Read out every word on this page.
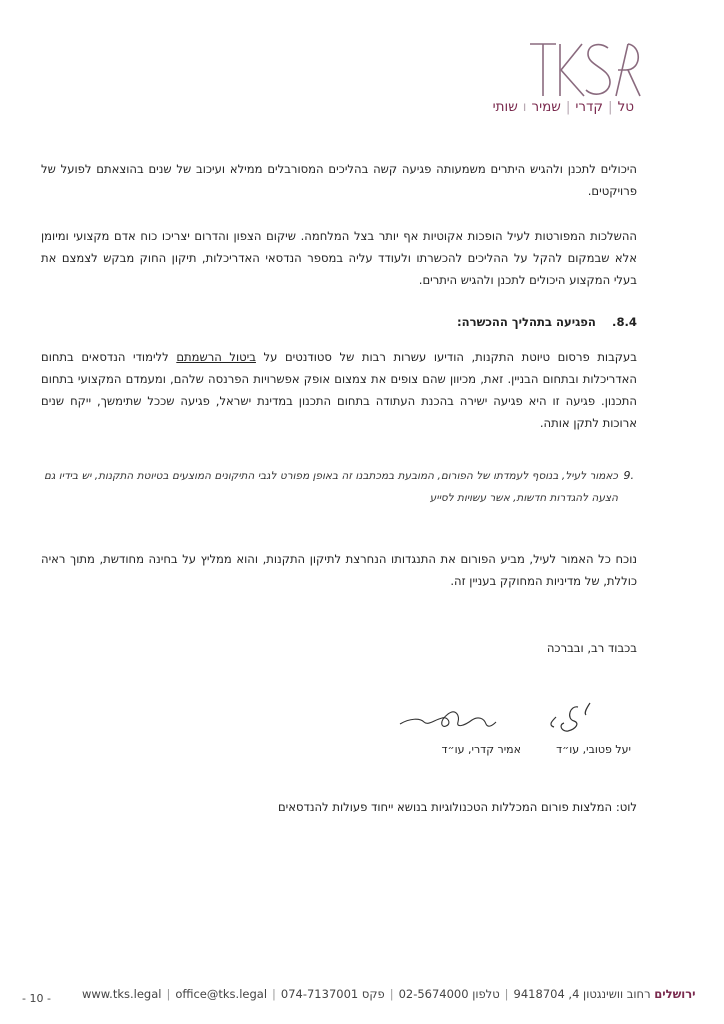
TKSA
טל|קדרי|שמירושותי

היכולים לתכנן ולהגיש היתרים משמעותה פגיעה קשה בהליכים המסורבלים ממילא ועיכוב של שנים בהוצאתם לפועל של פרויקטים.

ההשלכות המפורטות לעיל הופכות אקוטיות אף יותר בצל המלחמה. שיקום הצפון והדרום יצריכו כוח אדם מקצועי ומיומן אלא שבמקום להקל על ההליכים להכשרתו ולעודד עליה במספר הנדסאי האדריכלות, תיקון החוק מבקש לצמצם את בעלי המקצוע היכולים לתכנן ולהגיש היתרים.

8.4.    הפגיעה בתהליך ההכשרה:

בעקבות פרסום טיוטת התקנות, הודיעו עשרות רבות של סטודנטים על ביטול הרשמתם ללימודי הנדסאים בתחום האדריכלות ובתחום הבניין. זאת, מכיוון שהם צופים את צמצום אופק אפשרויות הפרנסה שלהם, ומעמדם המקצועי בתחום התכנון. פגיעה זו היא פגיעה ישירה בהכנת העתודה בתחום התכנון במדינת ישראל, פגיעה שככל שתימשך, ייקח שנים ארוכות לתקן אותה.

9.
כאמור לעיל, בנוסף לעמדתו של הפורום, המובעת במכתבנו זה באופן מפורט לגבי התיקונים המוצעים בטיוטת התקנות, יש בידיו גם הצעה להגדרות חדשות, אשר עשויות לסייע

נוכח כל האמור לעיל, מביע הפורום את התנגדותו הנחרצת לתיקון התקנות, והוא ממליץ על בחינה מחודשת, מתוך ראיה כוללת, של מדיניות המחוקק בעניין זה.

בכבוד רב, ובברכה
יעל פטובי, עו״ד
אמיר קדרי, עו״ד
לוט: המלצות פורום המכללות הטכנולוגיות בנושא ייחוד פעולות להנדסאים
www.tks.legal | office@tks.legal | פקס 074-7137001 | טלפון 02-5674000 |	ירושלים רחוב וושינגטון 4, 9418704
- 10 -
